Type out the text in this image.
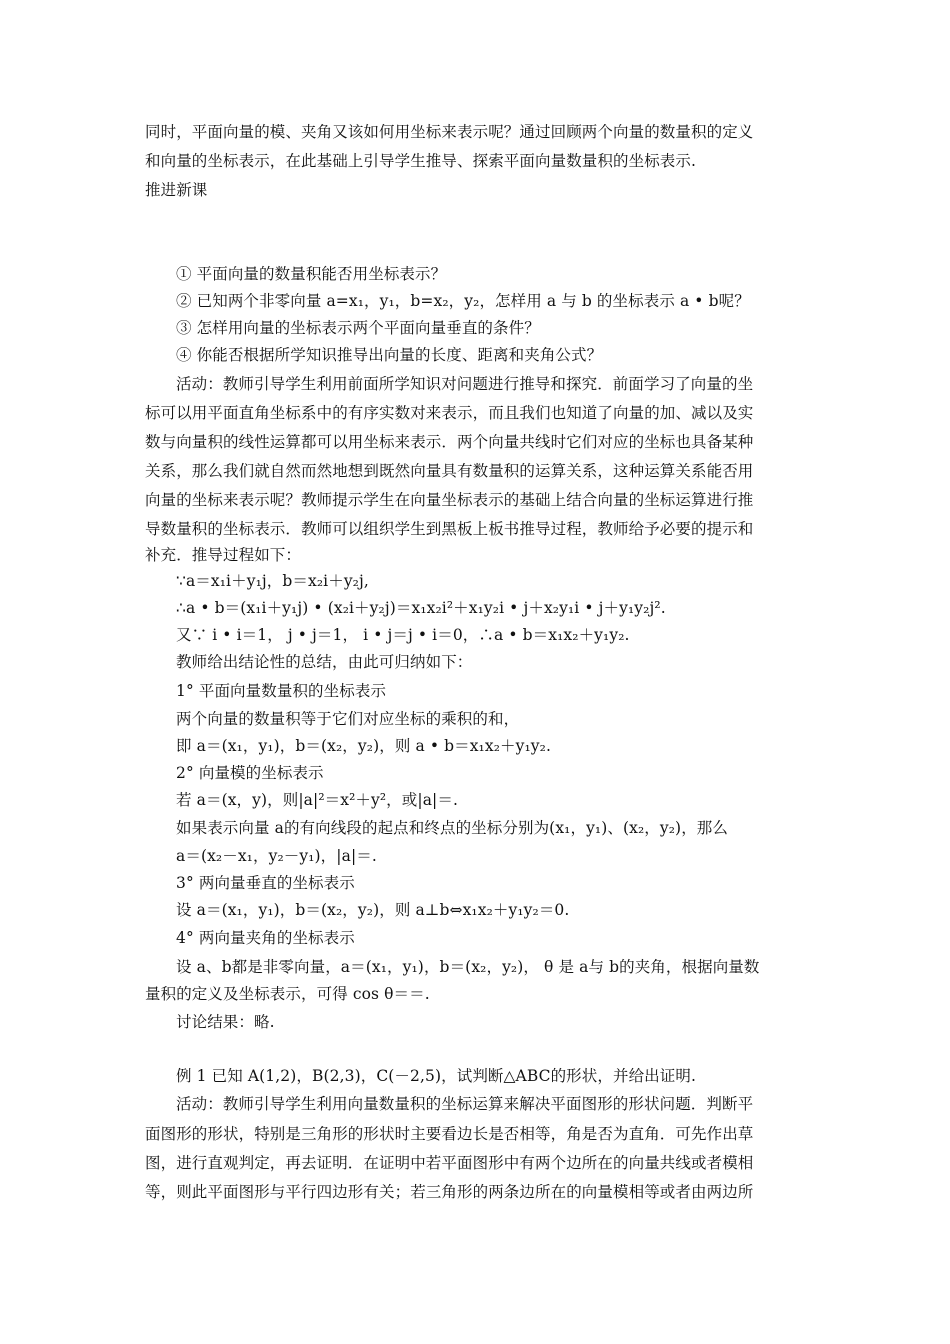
同时，平面向量的模、夹角又该如何用坐标来表示呢？通过回顾两个向量的数量积的定义
和向量的坐标表示，在此基础上引导学生推导、探索平面向量数量积的坐标表示.
推进新课
① 平面向量的数量积能否用坐标表示？
② 已知两个非零向量 a=x₁，y₁，b=x₂，y₂，怎样用 a 与 b 的坐标表示 a • b呢？
③ 怎样用向量的坐标表示两个平面向量垂直的条件？
④ 你能否根据所学知识推导出向量的长度、距离和夹角公式？
活动：教师引导学生利用前面所学知识对问题进行推导和探究．前面学习了向量的坐
标可以用平面直角坐标系中的有序实数对来表示，而且我们也知道了向量的加、减以及实
数与向量积的线性运算都可以用坐标来表示．两个向量共线时它们对应的坐标也具备某种
关系，那么我们就自然而然地想到既然向量具有数量积的运算关系，这种运算关系能否用
向量的坐标来表示呢？教师提示学生在向量坐标表示的基础上结合向量的坐标运算进行推
导数量积的坐标表示．教师可以组织学生到黑板上板书推导过程，教师给予必要的提示和
补充．推导过程如下：
∵a＝x₁i＋y₁j，b＝x₂i＋y₂j,
∴a • b＝(x₁i＋y₁j) • (x₂i＋y₂j)＝x₁x₂i²＋x₁y₂i • j＋x₂y₁i • j＋y₁y₂j².
又∵ i • i＝1， j • j＝1， i • j＝j • i＝0，∴a • b＝x₁x₂＋y₁y₂.
教师给出结论性的总结，由此可归纳如下：
1° 平面向量数量积的坐标表示
两个向量的数量积等于它们对应坐标的乘积的和，
即 a＝(x₁，y₁)，b＝(x₂，y₂)，则 a • b＝x₁x₂＋y₁y₂.
2° 向量模的坐标表示
若 a＝(x，y)，则|a|²＝x²＋y²，或|a|＝.
如果表示向量 a的有向线段的起点和终点的坐标分别为(x₁，y₁)、(x₂，y₂)，那么
a＝(x₂－x₁，y₂－y₁)，|a|＝.
3° 两向量垂直的坐标表示
设 a＝(x₁，y₁)，b＝(x₂，y₂)，则 a⊥b⇔x₁x₂＋y₁y₂＝0.
4° 两向量夹角的坐标表示
设 a、b都是非零向量，a＝(x₁，y₁)，b＝(x₂，y₂)， θ 是 a与 b的夹角，根据向量数
量积的定义及坐标表示，可得 cos θ＝＝.
讨论结果：略.
例 1 已知 A(1,2)，B(2,3)，C(－2,5)，试判断△ABC的形状，并给出证明.
活动：教师引导学生利用向量数量积的坐标运算来解决平面图形的形状问题．判断平
面图形的形状，特别是三角形的形状时主要看边长是否相等，角是否为直角．可先作出草
图，进行直观判定，再去证明．在证明中若平面图形中有两个边所在的向量共线或者模相
等，则此平面图形与平行四边形有关；若三角形的两条边所在的向量模相等或者由两边所
